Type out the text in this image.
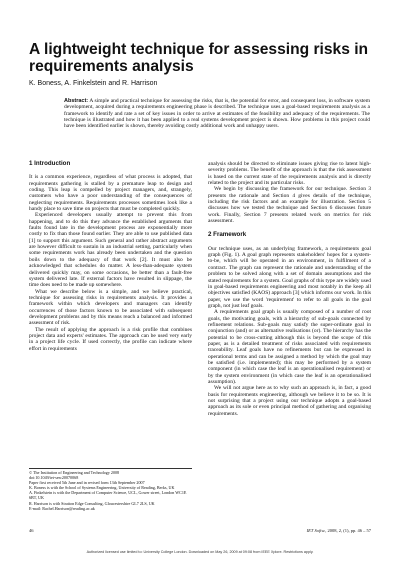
A lightweight technique for assessing risks in requirements analysis
K. Boness, A. Finkelstein and R. Harrison

Abstract: A simple and practical technique for assessing the risks, that is, the potential for error, and consequent loss, in software system development, acquired during a requirements engineering phase is described. The technique uses a goal-based requirements analysis as a framework to identify and rate a set of key issues in order to arrive at estimates of the feasibility and adequacy of the requirements. The technique is illustrated and how it has been applied to a real systems development project is shown. How problems in this project could have been identified earlier is shown, thereby avoiding costly additional work and unhappy users.

1 Introduction

It is a common experience, regardless of what process is adopted, that requirements gathering is stalled by a premature leap to design and coding. This leap is compelled by project managers, and, strangely, customers who have a poor understanding of the consequences of neglecting requirements. Requirements processes sometimes look like a handy place to save time on projects that must be completed quickly.

Experienced developers usually attempt to prevent this from happening, and to do this they advance the established arguments that faults found late in the development process are exponentially more costly to fix than those found earlier. They are able to use published data [1] to support this argument. Such general and rather abstract arguments are however difficult to sustain in an industrial setting, particularly when some requirements work has already been undertaken and the question boils down to the adequacy of that work [2]. It must also be acknowledged that schedules do matter. A less-than-adequate system delivered quickly may, on some occasions, be better than a fault-free system delivered late. If external factors have resulted in slippage, the time does need to be made up somewhere.

What we describe below is a simple, and we believe practical, technique for assessing risks in requirements analysis. It provides a framework within which developers and managers can identify occurrences of those factors known to be associated with subsequent development problems and by this means reach a balanced and informed assessment of risk.

The result of applying the approach is a risk profile that combines project data and experts' estimates. The approach can be used very early in a project life cycle. If used correctly, the profile can indicate where effort in requirements

analysis should be directed to eliminate issues giving rise to latent high-severity problems. The benefit of the approach is that the risk assessment is based on the current state of the requirements analysis and is directly related to the project and its particular risks.

We begin by discussing the framework for our technique. Section 3 presents the rationale and Section 4 gives details of the technique, including the risk factors and an example for illustration. Section 5 discusses how we tested the technique and Section 6 discusses future work. Finally, Section 7 presents related work on metrics for risk assessment.

2 Framework

Our technique uses, as an underlying framework, a requirements goal graph (Fig. 1). A goal graph represents stakeholders' hopes for a system-to-be, which will be operated in an environment, in fulfilment of a contract. The graph can represent the rationale and understanding of the problem to be solved along with a set of domain assumptions and the stated requirements for a system. Goal graphs of this type are widely used in goal-based requirements engineering and most notably in the keep all objectives satisfied (KAOS) approach [3] which informs our work. In this paper, we use the word 'requirement' to refer to all goals in the goal graph, not just leaf goals.

A requirements goal graph is usually composed of a number of root goals, the motivating goals, with a hierarchy of sub-goals connected by refinement relations. Sub-goals may satisfy the super-ordinate goal in conjunction (and) or as alternative realisations (or). The hierarchy has the potential to be cross-cutting although this is beyond the scope of this paper, as is a detailed treatment of risks associated with requirements traceability. Leaf goals have no refinements but can be expressed in operational terms and can be assigned a method by which the goal may be satisfied (i.e. implemented); this may be performed by a system component (in which case the leaf is an operationalised requirement) or by the system environment (in which case the leaf is an operationalised assumption).

We will not argue here as to why such an approach is, in fact, a good basis for requirements engineering, although we believe it to be so. It is not surprising that a project using our technique adopts a goal-based approach as its sole or even principal method of gathering and organising requirements.

© The Institution of Engineering and Technology 2008
doi:10.1049/iet-sen:20070068
Paper first received 5th June and in revised form 13th September 2007
K. Boness is with the School of Systems Engineering, University of Reading, Berks, UK
A. Finkelstein is with the Department of Computer Science, UCL, Gower street, London WC1E 6BT, UK
R. Harrison is with Stratton Edge Consulting, Gloucestershire GL7 2LS, UK
E-mail: Rachel.Harrison@reading.ac.uk
46	IET Softw., 2008, 2, (1), pp. 46 – 57
Authorized licensed use limited to: University College London. Downloaded on May 26, 2009 at 09:08 from IEEE Xplore. Restrictions apply.
